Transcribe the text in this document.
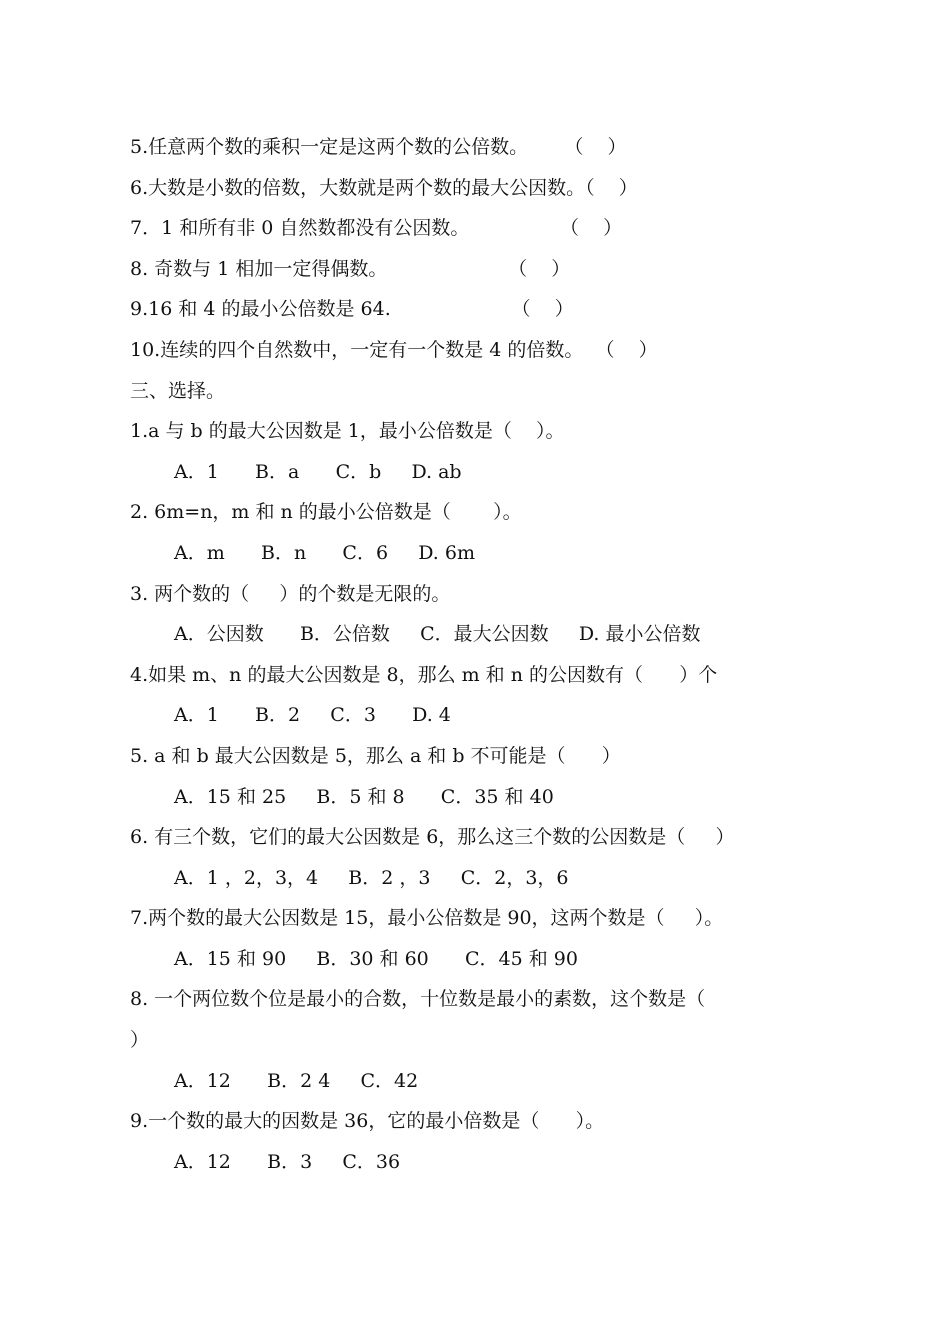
5.任意两个数的乘积一定是这两个数的公倍数。      （    ）
6.大数是小数的倍数，大数就是两个数的最大公因数。（    ）
7．1 和所有非 0 自然数都没有公因数。               （    ）
8. 奇数与 1 相加一定得偶数。                    （    ）
9.16 和 4 的最小公倍数是 64.                    （    ）
10.连续的四个自然数中，一定有一个数是 4 的倍数。  （    ）
三、选择。
1.a 与 b 的最大公因数是 1，最小公倍数是（    ）。
A．1      B．a      C．b     D. ab
2. 6m=n，m 和 n 的最小公倍数是（       ）。
A．m      B．n      C．6     D. 6m
3. 两个数的（     ）的个数是无限的。
A．公因数      B．公倍数     C．最大公因数     D. 最小公倍数
4.如果 m、n 的最大公因数是 8，那么 m 和 n 的公因数有（      ）个
A．1      B．2     C．3      D. 4
5. a 和 b 最大公因数是 5，那么 a 和 b 不可能是（      ）
A．15 和 25     B．5 和 8      C．35 和 40
6. 有三个数，它们的最大公因数是 6，那么这三个数的公因数是（     ）
A．1 ，2，3，4     B．2 ，3     C．2，3，6
7.两个数的最大公因数是 15，最小公倍数是 90，这两个数是（     ）。
A．15 和 90     B．30 和 60      C．45 和 90
8. 一个两位数个位是最小的合数，十位数是最小的素数，这个数是（
）
A．12      B．2 4     C．42
9.一个数的最大的因数是 36，它的最小倍数是（      ）。
A．12      B．3     C．36
